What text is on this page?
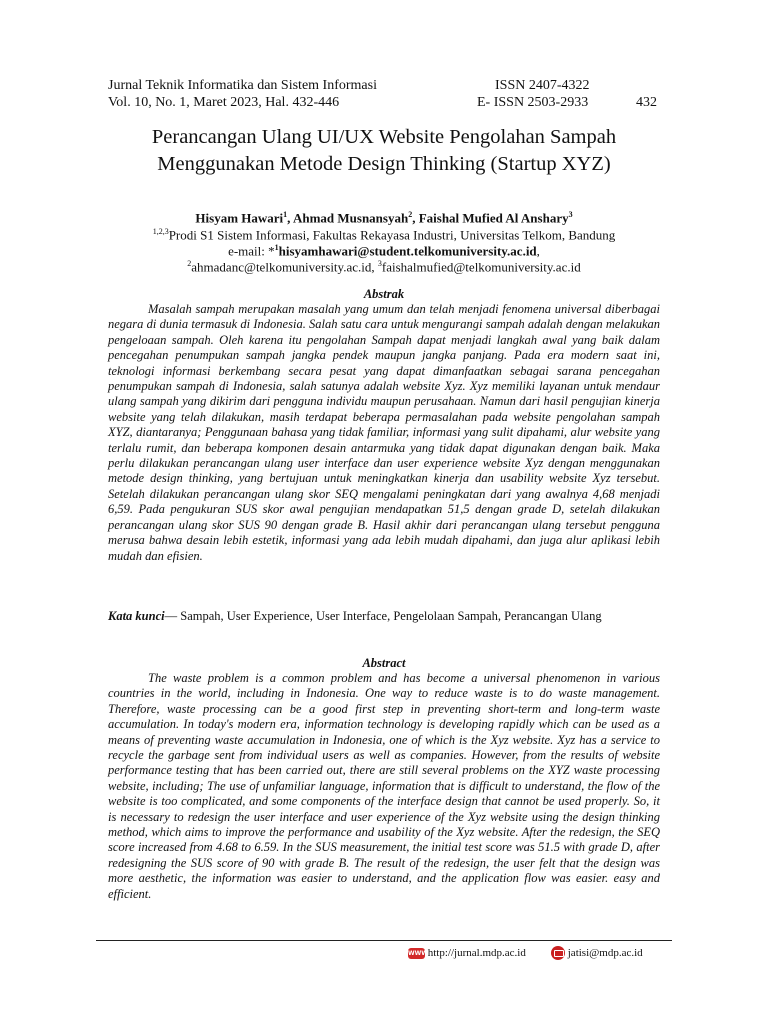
Jurnal Teknik Informatika dan Sistem Informasi	ISSN 2407-4322
Vol. 10, No. 1, Maret 2023, Hal. 432-446	E- ISSN 2503-2933	432
Perancangan Ulang UI/UX Website Pengolahan Sampah
Menggunakan Metode Design Thinking (Startup XYZ)
Hisyam Hawari$^1$, Ahmad Musnansyah$^2$, Faishal Mufied Al Anshary$^3$
$^{1,2,3}$Prodi S1 Sistem Informasi, Fakultas Rekayasa Industri, Universitas Telkom, Bandung
e-mail: *$^1$hisyamhawari@student.telkomuniversity.ac.id,
$^2$ahmadanc@telkomuniversity.ac.id, $^3$faishalmufied@telkomuniversity.ac.id
Abstrak
Masalah sampah merupakan masalah yang umum dan telah menjadi fenomena universal diberbagai negara di dunia termasuk di Indonesia. Salah satu cara untuk mengurangi sampah adalah dengan melakukan pengeloaan sampah. Oleh karena itu pengolahan Sampah dapat menjadi langkah awal yang baik dalam pencegahan penumpukan sampah jangka pendek maupun jangka panjang. Pada era modern saat ini, teknologi informasi berkembang secara pesat yang dapat dimanfaatkan sebagai sarana pencegahan penumpukan sampah di Indonesia, salah satunya adalah website Xyz. Xyz memiliki layanan untuk mendaur ulang sampah yang dikirim dari pengguna individu maupun perusahaan. Namun dari hasil pengujian kinerja website yang telah dilakukan, masih terdapat beberapa permasalahan pada website pengolahan sampah XYZ, diantaranya; Penggunaan bahasa yang tidak familiar, informasi yang sulit dipahami, alur website yang terlalu rumit, dan beberapa komponen desain antarmuka yang tidak dapat digunakan dengan baik. Maka perlu dilakukan perancangan ulang user interface dan user experience website Xyz dengan menggunakan metode design thinking, yang bertujuan untuk meningkatkan kinerja dan usability website Xyz tersebut. Setelah dilakukan perancangan ulang skor SEQ mengalami peningkatan dari yang awalnya 4,68 menjadi 6,59. Pada pengukuran SUS skor awal pengujian mendapatkan 51,5 dengan grade D, setelah dilakukan perancangan ulang skor SUS 90 dengan grade B. Hasil akhir dari perancangan ulang tersebut pengguna merusa bahwa desain lebih estetik, informasi yang ada lebih mudah dipahami, dan juga alur aplikasi lebih mudah dan efisien.
Kata kunci— Sampah, User Experience, User Interface, Pengelolaan Sampah, Perancangan Ulang
Abstract
The waste problem is a common problem and has become a universal phenomenon in various countries in the world, including in Indonesia. One way to reduce waste is to do waste management. Therefore, waste processing can be a good first step in preventing short-term and long-term waste accumulation. In today's modern era, information technology is developing rapidly which can be used as a means of preventing waste accumulation in Indonesia, one of which is the Xyz website. Xyz has a service to recycle the garbage sent from individual users as well as companies. However, from the results of website performance testing that has been carried out, there are still several problems on the XYZ waste processing website, including; The use of unfamiliar language, information that is difficult to understand, the flow of the website is too complicated, and some components of the interface design that cannot be used properly. So, it is necessary to redesign the user interface and user experience of the Xyz website using the design thinking method, which aims to improve the performance and usability of the Xyz website. After the redesign, the SEQ score increased from 4.68 to 6.59. In the SUS measurement, the initial test score was 51.5 with grade D, after redesigning the SUS score of 90 with grade B. The result of the redesign, the user felt that the design was more aesthetic, the information was easier to understand, and the application flow was easier. easy and efficient.
WWW http://jurnal.mdp.ac.id	jatisi@mdp.ac.id
